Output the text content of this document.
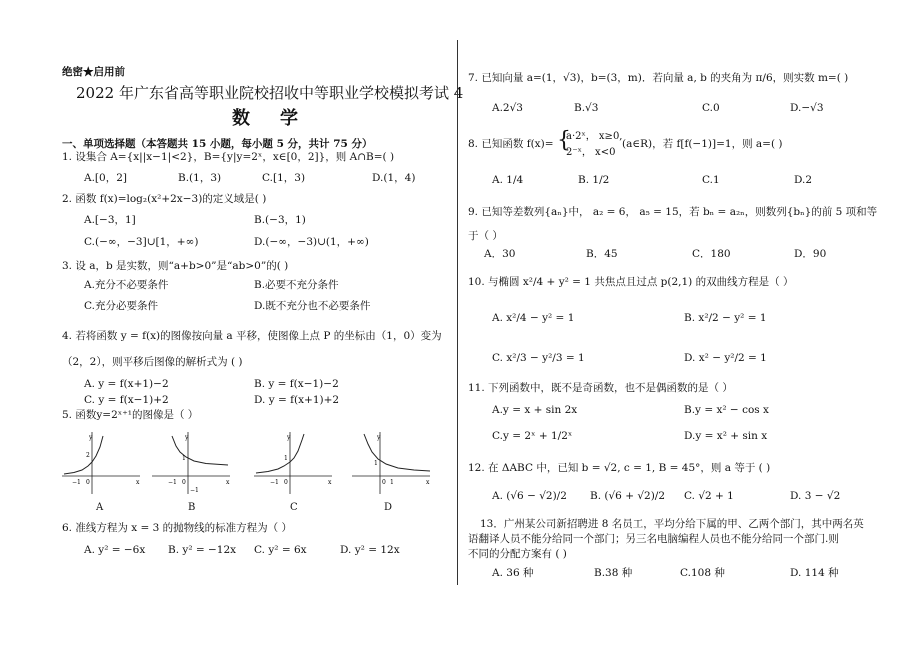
绝密★启用前
2022 年广东省高等职业院校招收中等职业学校模拟考试 4
数　学
一、单项选择题（本答题共 15 小题，每小题 5 分，共计 75 分）
1. 设集合 A={x||x−1|<2}，B={y|y=2ˣ，x∈[0，2]}，则 A∩B=( )
A.[0，2]	B.(1，3)	C.[1，3)	D.(1，4)
2. 函数 f(x)=log₂(x²+2x−3)的定义域是( )
A.[−3，1]	B.(−3，1)
C.(−∞，−3]∪[1，+∞)	D.(−∞，−3)∪(1，+∞)
3. 设 a，b 是实数，则“a+b>0”是“ab>0”的( )
A.充分不必要条件	B.必要不充分条件
C.充分必要条件	D.既不充分也不必要条件
4. 若将函数 y = f(x)的图像按向量 a 平移，使图像上点 P 的坐标由（1，0）变为
（2，2），则平移后图像的解析式为 ( )
A. y = f(x+1)−2	B. y = f(x−1)−2
C. y = f(x−1)+2	D. y = f(x+1)+2
5. 函数y=2ˣ⁺¹的图像是（ ）
y
x
2
−1 0
A
y
x
1
−1 0
−1
B
y
x
1
−1 0
C
y
x
1
0 1
D
6. 准线方程为 x = 3 的抛物线的标准方程为（ ）
A. y² = −6x B. y² = −12x C. y² = 6x	D. y² = 12x
7. 已知向量 a=(1，√3)，b=(3，m)．若向量 a, b 的夹角为 π/6，则实数 m=( )
A.2√3	B.√3	C.0	D.−√3
8. 已知函数 f(x)= {
a·2ˣ， x≥0,
2⁻ˣ， x<0
(a∈R)，若 f[f(−1)]=1，则 a=( )
A. 1/4	B. 1/2	C.1	D.2
9. 已知等差数列{aₙ}中， a₂ = 6， a₅ = 15，若 bₙ = a₂ₙ，则数列{bₙ}的前 5 项和等
于（ ）
A．30	B．45	C．180	D．90
10. 与椭圆 x²/4 + y² = 1 共焦点且过点 p(2,1) 的双曲线方程是（ ）
A. x²/4 − y² = 1	B. x²/2 − y² = 1
C. x²/3 − y²/3 = 1	D. x² − y²/2 = 1
11. 下列函数中，既不是奇函数，也不是偶函数的是（ ）
A.y = x + sin 2x	B.y = x² − cos x
C.y = 2ˣ + 1/2ˣ	D.y = x² + sin x
12. 在 ΔABC 中，已知 b = √2, c = 1, B = 45°，则 a 等于 ( )
A. (√6 − √2)/2 B. (√6 + √2)/2 C. √2 + 1	D. 3 − √2
13．广州某公司新招聘进 8 名员工，平均分给下属的甲、乙两个部门，其中两名英
语翻译人员不能分给同一个部门；另三名电脑编程人员也不能分给同一个部门.则
不同的分配方案有 ( )
A. 36 种	B.38 种	C.108 种	D. 114 种
